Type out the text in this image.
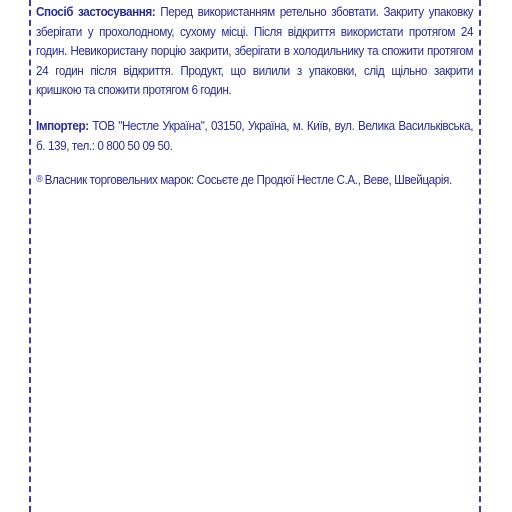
Спосіб застосування: Перед використанням ретельно збовтати. Закриту упаковку зберігати у прохолодному, сухому місці. Після відкриття використати протягом 24 годин. Невикористану порцію закрити, зберігати в холодильнику та спожити протягом 24 годин після відкриття. Продукт, що вилили з упаковки, слід щільно закрити кришкою та спожити протягом 6 годин.
Імпортер: ТОВ "Нестле Україна", 03150, Україна, м. Київ, вул. Велика Васильківська, б. 139, тел.: 0 800 50 09 50.
® Власник торговельних марок: Сосьєте де Продюї Нестле С.А., Веве, Швейцарія.
